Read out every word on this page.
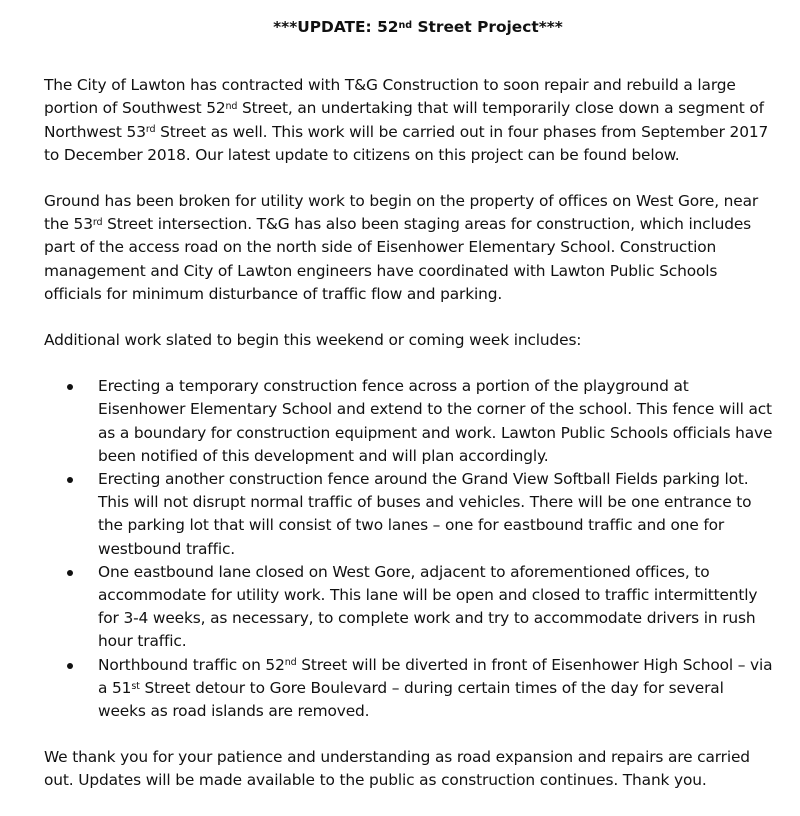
***UPDATE: 52nd Street Project***

The City of Lawton has contracted with T&G Construction to soon repair and rebuild a large portion of Southwest 52nd Street, an undertaking that will temporarily close down a segment of Northwest 53rd Street as well. This work will be carried out in four phases from September 2017 to December 2018. Our latest update to citizens on this project can be found below.

Ground has been broken for utility work to begin on the property of offices on West Gore, near the 53rd Street intersection. T&G has also been staging areas for construction, which includes part of the access road on the north side of Eisenhower Elementary School. Construction management and City of Lawton engineers have coordinated with Lawton Public Schools officials for minimum disturbance of traffic flow and parking.

Additional work slated to begin this weekend or coming week includes:

Erecting a temporary construction fence across a portion of the playground at Eisenhower Elementary School and extend to the corner of the school. This fence will act as a boundary for construction equipment and work. Lawton Public Schools officials have been notified of this development and will plan accordingly.
Erecting another construction fence around the Grand View Softball Fields parking lot. This will not disrupt normal traffic of buses and vehicles. There will be one entrance to the parking lot that will consist of two lanes – one for eastbound traffic and one for westbound traffic.
One eastbound lane closed on West Gore, adjacent to aforementioned offices, to accommodate for utility work. This lane will be open and closed to traffic intermittently for 3-4 weeks, as necessary, to complete work and try to accommodate drivers in rush hour traffic.
Northbound traffic on 52nd Street will be diverted in front of Eisenhower High School – via a 51st Street detour to Gore Boulevard – during certain times of the day for several weeks as road islands are removed.

We thank you for your patience and understanding as road expansion and repairs are carried out. Updates will be made available to the public as construction continues. Thank you.
